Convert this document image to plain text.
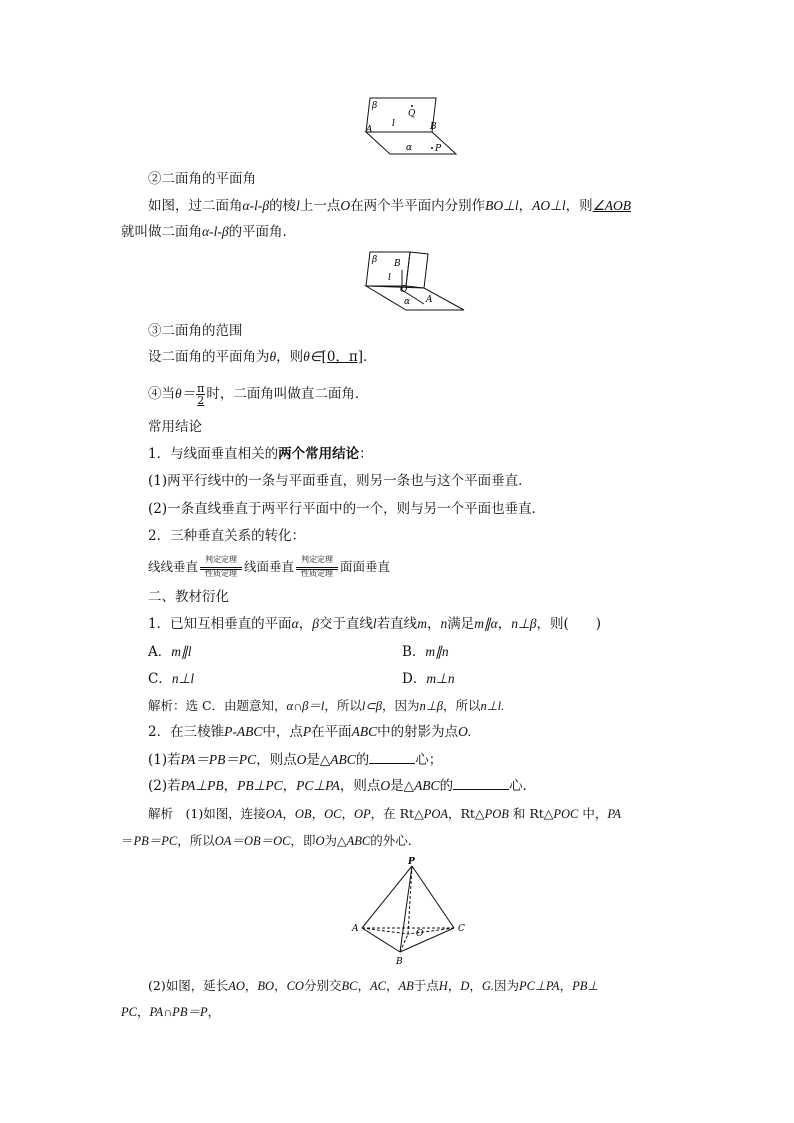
β
Q
A
l	B
α	P
②二面角的平面角
如图，过二面角α-l-β的棱l上一点O在两个半平面内分别作BO⊥l，AO⊥l，则∠AOB
就叫做二面角α-l-β的平面角．
β B
l
O
A
α
③二面角的范围
设二面角的平面角为θ，则θ∈[0，π]．
④当$\theta= \frac{\pi}{2}$ 时，二面角叫做直二面角．
常用结论
1．与线面垂直相关的两个常用结论：
(1)两平行线中的一条与平面垂直，则另一条也与这个平面垂直．
(2)一条直线垂直于两平行平面中的一个，则与另一个平面也垂直．
2．三种垂直关系的转化：
线线垂直 判定定理
性质定理 线面垂直 判定定理
性质定理 面面垂直
二、教材衍化
1．已知互相垂直的平面α，β交于直线l若直线m，n满足m∥α，n⊥β，则(　　)
A．m∥l	B．m∥n
C．n⊥l	D．m⊥n
解析：选 C．由题意知，α∩β＝l，所以l⊂β，因为n⊥β，所以n⊥l.
2．在三棱锥P-ABC中，点P在平面ABC中的射影为点O.
(1)若PA＝PB＝PC，则点O是△ABC的	心；
(2)若PA⊥PB，PB⊥PC，PC⊥PA，则点O是△ABC的	心．
解析　(1)如图，连接OA，OB，OC，OP，在 Rt△POA，Rt△POB 和 Rt△POC 中，PA
＝PB＝PC，所以OA＝OB＝OC，即O为△ABC的外心．
P
A	O	C
B
(2)如图，延长AO，BO，CO分别交BC，AC，AB于点H，D，G.因为PC⊥PA，PB⊥
PC，PA∩PB＝P，
